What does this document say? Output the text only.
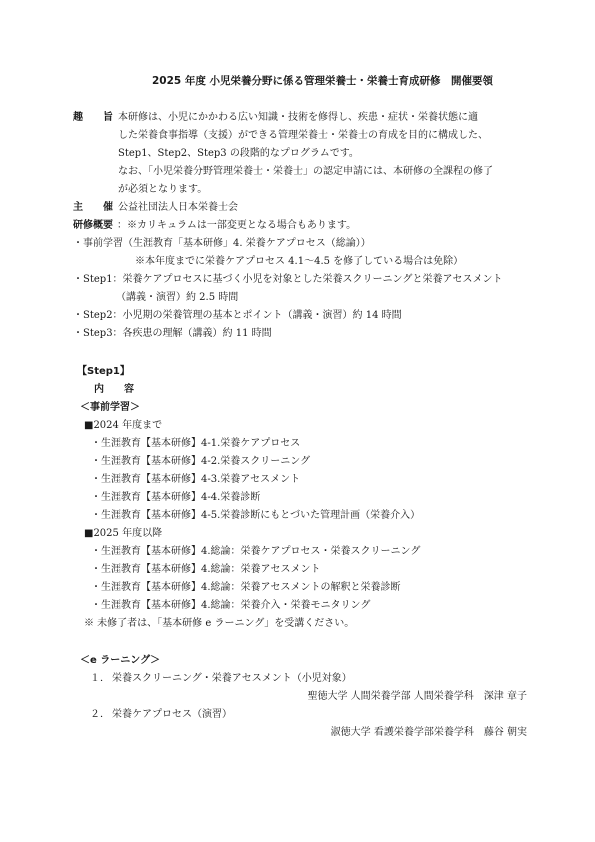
2025 年度 小児栄養分野に係る管理栄養士・栄養士育成研修　開催要領
趣　　旨 本研修は、小児にかかわる広い知識・技術を修得し、疾患・症状・栄養状態に適
した栄養食事指導（支援）ができる管理栄養士・栄養士の育成を目的に構成した、
Step1、Step2、Step3 の段階的なプログラムです。
なお、「小児栄養分野管理栄養士・栄養士」の認定申請には、本研修の全課程の修了
が必須となります。
主　　催 公益社団法人日本栄養士会
研修概要 ：※カリキュラムは一部変更となる場合もあります。
・事前学習（生涯教育「基本研修」4. 栄養ケアプロセス（総論））
※本年度までに栄養ケアプロセス 4.1～4.5 を修了している場合は免除）
・Step1：栄養ケアプロセスに基づく小児を対象とした栄養スクリーニングと栄養アセスメント
（講義・演習）約 2.5 時間
・Step2：小児期の栄養管理の基本とポイント（講義・演習）約 14 時間
・Step3：各疾患の理解（講義）約 11 時間
【Step1】
内　　容
＜事前学習＞
■2024 年度まで
・生涯教育【基本研修】4-1.栄養ケアプロセス
・生涯教育【基本研修】4-2.栄養スクリーニング
・生涯教育【基本研修】4-3.栄養アセスメント
・生涯教育【基本研修】4-4.栄養診断
・生涯教育【基本研修】4-5.栄養診断にもとづいた管理計画（栄養介入）
■2025 年度以降
・生涯教育【基本研修】4.総論：栄養ケアプロセス・栄養スクリーニング
・生涯教育【基本研修】4.総論：栄養アセスメント
・生涯教育【基本研修】4.総論：栄養アセスメントの解釈と栄養診断
・生涯教育【基本研修】4.総論：栄養介入・栄養モニタリング
※ 未修了者は、「基本研修 e ラーニング」を受講ください。
＜e ラーニング＞
１． 栄養スクリーニング・栄養アセスメント（小児対象）
聖徳大学 人間栄養学部 人間栄養学科　深津 章子
２． 栄養ケアプロセス（演習）
淑徳大学 看護栄養学部栄養学科　藤谷 朝実
